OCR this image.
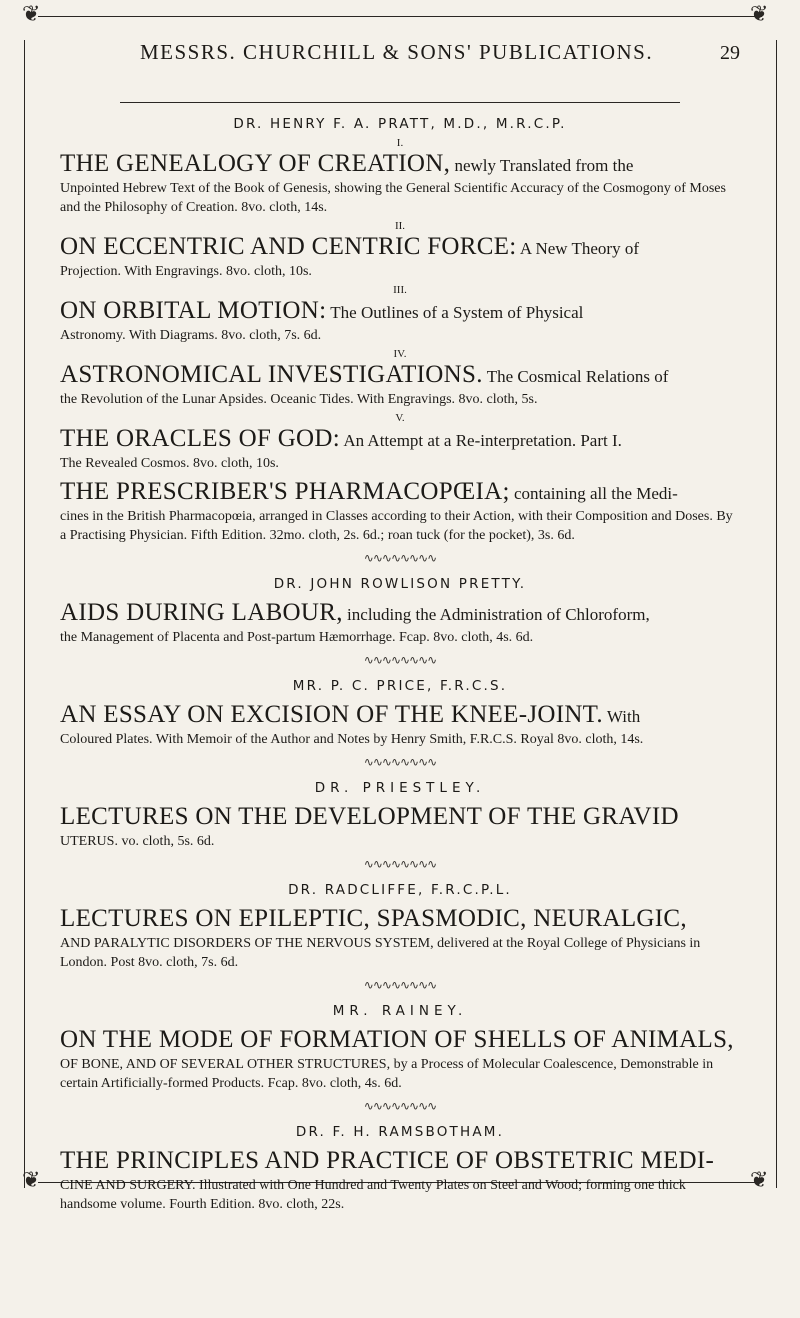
❦	❦
❦	❦
MESSRS. CHURCHILL & SONS' PUBLICATIONS.	29
DR. HENRY F. A. PRATT, M.D., M.R.C.P.
I.
THE GENEALOGY OF CREATION, newly Translated from the
Unpointed Hebrew Text of the Book of Genesis, showing the General Scientific Accuracy of the Cosmogony of Moses and the Philosophy of Creation. 8vo. cloth, 14s.
II.
ON ECCENTRIC AND CENTRIC FORCE: A New Theory of
Projection. With Engravings. 8vo. cloth, 10s.
III.
ON ORBITAL MOTION: The Outlines of a System of Physical
Astronomy. With Diagrams. 8vo. cloth, 7s. 6d.
IV.
ASTRONOMICAL INVESTIGATIONS. The Cosmical Relations of
the Revolution of the Lunar Apsides. Oceanic Tides. With Engravings. 8vo. cloth, 5s.
V.
THE ORACLES OF GOD: An Attempt at a Re-interpretation. Part I.
The Revealed Cosmos. 8vo. cloth, 10s.
THE PRESCRIBER'S PHARMACOPŒIA; containing all the Medi-
cines in the British Pharmacopœia, arranged in Classes according to their Action, with their Composition and Doses. By a Practising Physician. Fifth Edition. 32mo. cloth, 2s. 6d.; roan tuck (for the pocket), 3s. 6d.
∿∿∿∿∿∿∿∿
DR. JOHN ROWLISON PRETTY.
AIDS DURING LABOUR, including the Administration of Chloroform,
the Management of Placenta and Post-partum Hæmorrhage. Fcap. 8vo. cloth, 4s. 6d.
∿∿∿∿∿∿∿∿
MR. P. C. PRICE, F.R.C.S.
AN ESSAY ON EXCISION OF THE KNEE-JOINT. With
Coloured Plates. With Memoir of the Author and Notes by Henry Smith, F.R.C.S. Royal 8vo. cloth, 14s.
∿∿∿∿∿∿∿∿
DR. PRIESTLEY.
LECTURES ON THE DEVELOPMENT OF THE GRAVID
UTERUS. vo. cloth, 5s. 6d.
∿∿∿∿∿∿∿∿
DR. RADCLIFFE, F.R.C.P.L.
LECTURES ON EPILEPTIC, SPASMODIC, NEURALGIC,
AND PARALYTIC DISORDERS OF THE NERVOUS SYSTEM, delivered at the Royal College of Physicians in London. Post 8vo. cloth, 7s. 6d.
∿∿∿∿∿∿∿∿
MR. RAINEY.
ON THE MODE OF FORMATION OF SHELLS OF ANIMALS,
OF BONE, AND OF SEVERAL OTHER STRUCTURES, by a Process of Molecular Coalescence, Demonstrable in certain Artificially-formed Products. Fcap. 8vo. cloth, 4s. 6d.
∿∿∿∿∿∿∿∿
DR. F. H. RAMSBOTHAM.
THE PRINCIPLES AND PRACTICE OF OBSTETRIC MEDI-
CINE AND SURGERY. Illustrated with One Hundred and Twenty Plates on Steel and Wood; forming one thick handsome volume. Fourth Edition. 8vo. cloth, 22s.
